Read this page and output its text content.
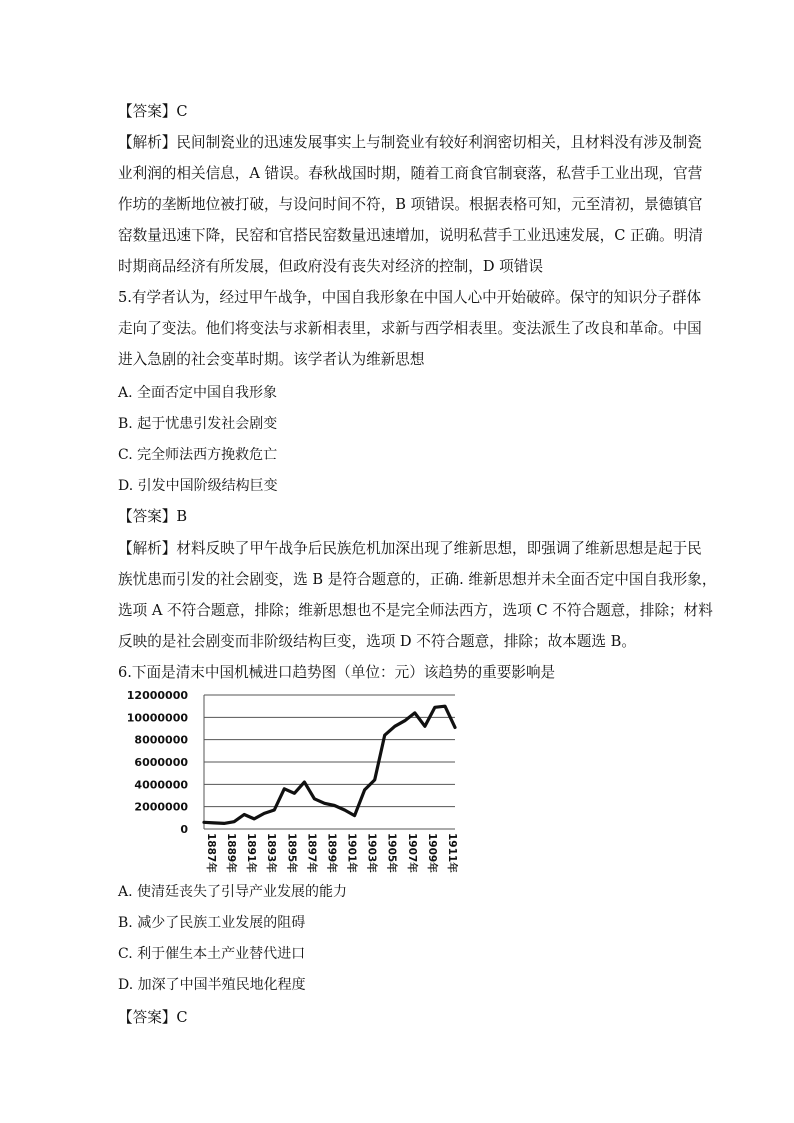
【答案】C
【解析】民间制瓷业的迅速发展事实上与制瓷业有较好利润密切相关，且材料没有涉及制瓷
业利润的相关信息，A 错误。春秋战国时期，随着工商食官制衰落，私营手工业出现，官营
作坊的垄断地位被打破，与设问时间不符，B 项错误。根据表格可知，元至清初，景德镇官
窑数量迅速下降，民窑和官搭民窑数量迅速增加，说明私营手工业迅速发展，C 正确。明清
时期商品经济有所发展，但政府没有丧失对经济的控制，D 项错误
5.有学者认为，经过甲午战争，中国自我形象在中国人心中开始破碎。保守的知识分子群体
走向了变法。他们将变法与求新相表里，求新与西学相表里。变法派生了改良和革命。中国
进入急剧的社会变革时期。该学者认为维新思想
A. 全面否定中国自我形象
B. 起于忧患引发社会剧变
C. 完全师法西方挽救危亡
D. 引发中国阶级结构巨变
【答案】B
【解析】材料反映了甲午战争后民族危机加深出现了维新思想，即强调了维新思想是起于民
族忧患而引发的社会剧变，选 B 是符合题意的，正确. 维新思想并未全面否定中国自我形象，
选项 A 不符合题意，排除；维新思想也不是完全师法西方，选项 C 不符合题意，排除；材料
反映的是社会剧变而非阶级结构巨变，选项 D 不符合题意，排除；故本题选 B。
6.下面是清末中国机械进口趋势图（单位：元）该趋势的重要影响是
12000000
10000000
8000000
6000000
4000000
2000000
0
1887年 1889年 1891年 1893年 1895年 1897年 1899年 1901年 1903年 1905年 1907年 1909年 1911年
A. 使清廷丧失了引导产业发展的能力
B. 减少了民族工业发展的阻碍
C. 利于催生本土产业替代进口
D. 加深了中国半殖民地化程度
【答案】C
